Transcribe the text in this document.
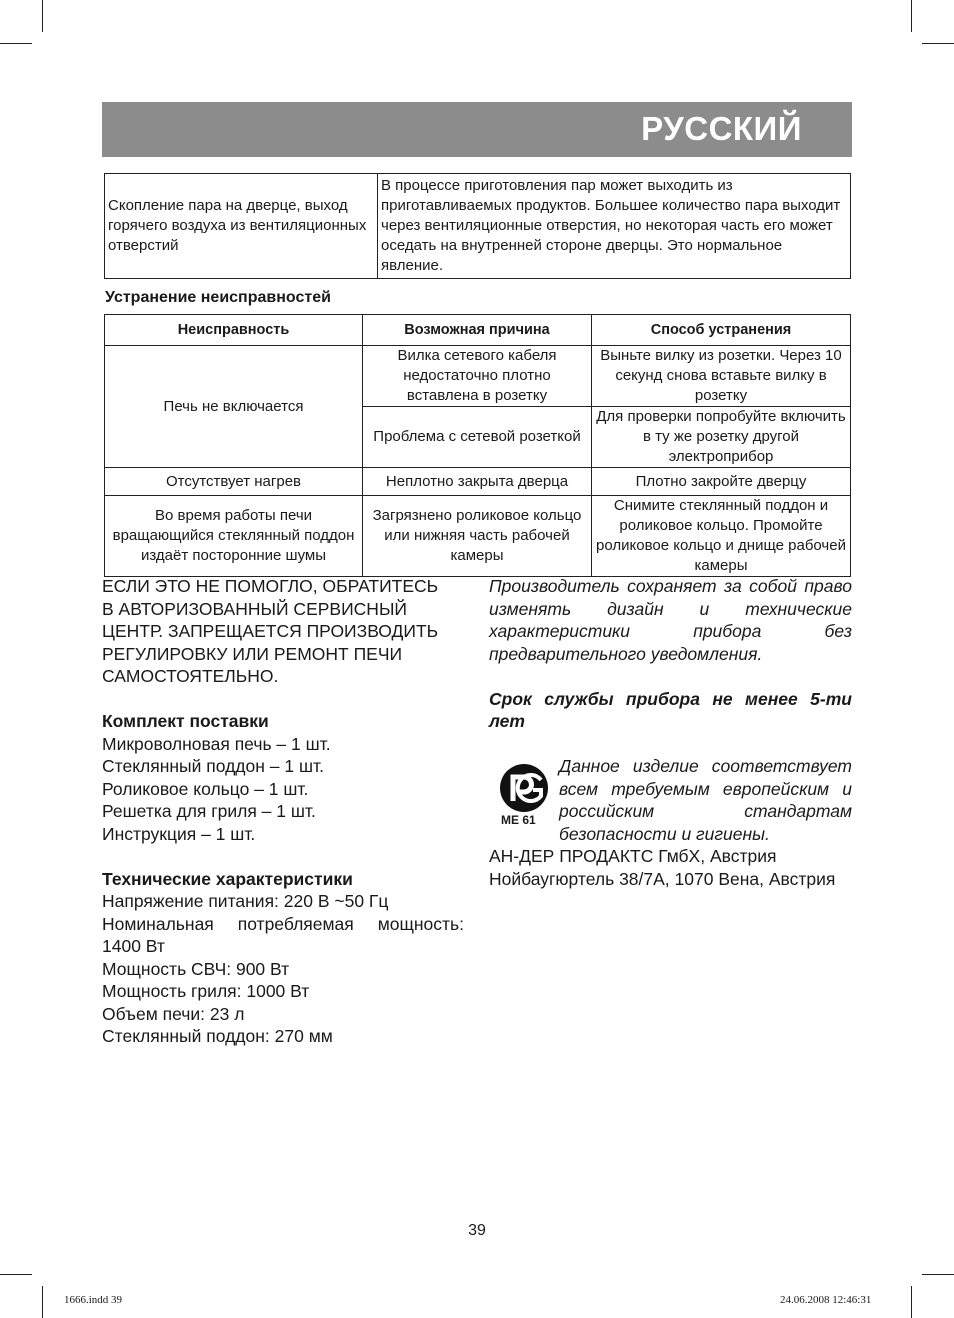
РУССКИЙ
Скопление пара на дверце, выход горячего воздуха из вентиляционных отверстий	В процессе приготовления пар может выходить из приготавливаемых продуктов. Большее количество пара выходит через вентиляционные отверстия, но некоторая часть его может оседать на внутренней стороне дверцы. Это нормальное явление.
Устранение неисправностей
Неисправность	Возможная причина	Способ устранения
Печь не включается	Вилка сетевого кабеля недостаточно плотно вставлена в розетку	Выньте вилку из розетки. Через 10 секунд снова вставьте вилку в розетку
	Проблема с сетевой розеткой	Для проверки попробуйте включить в ту же розетку другой электроприбор
Отсутствует нагрев	Неплотно закрыта дверца	Плотно закройте дверцу
Во время работы печи вращающийся стеклянный поддон издаёт посторонние шумы	Загрязнено роликовое кольцо или нижняя часть рабочей камеры	Снимите стеклянный поддон и роликовое кольцо. Промойте роликовое кольцо и днище рабочей камеры

ЕСЛИ ЭТО НЕ ПОМОГЛО, ОБРАТИТЕСЬ

В АВТОРИЗОВАННЫЙ СЕРВИСНЫЙ

ЦЕНТР. ЗАПРЕЩАЕТСЯ ПРОИЗВОДИТЬ

РЕГУЛИРОВКУ ИЛИ РЕМОНТ ПЕЧИ

САМОСТОЯТЕЛЬНО.

Комплект поставки

Микроволновая печь – 1 шт.

Стеклянный поддон – 1 шт.

Роликовое кольцо – 1 шт.

Решетка для гриля – 1 шт.

Инструкция – 1 шт.

Технические характеристики

Напряжение питания: 220 В ~50 Гц

Номинальная потребляемая мощность: 1400 Вт

Мощность СВЧ: 900 Вт

Мощность гриля: 1000 Вт

Объем печи: 23 л

Стеклянный поддон: 270 мм

Производитель сохраняет за собой право изменять дизайн и технические характеристики прибора без предварительного уведомления.

Срок службы прибора не менее 5-ти лет

ME 61

Данное изделие соответствует всем требуемым европейским и российским стандартам безопасности и гигиены.

АН-ДЕР ПРОДАКТС ГмбХ, Австрия

Нойбаугюртель 38/7А, 1070 Вена, Австрия

39
1666.indd 39	24.06.2008 12:46:31
